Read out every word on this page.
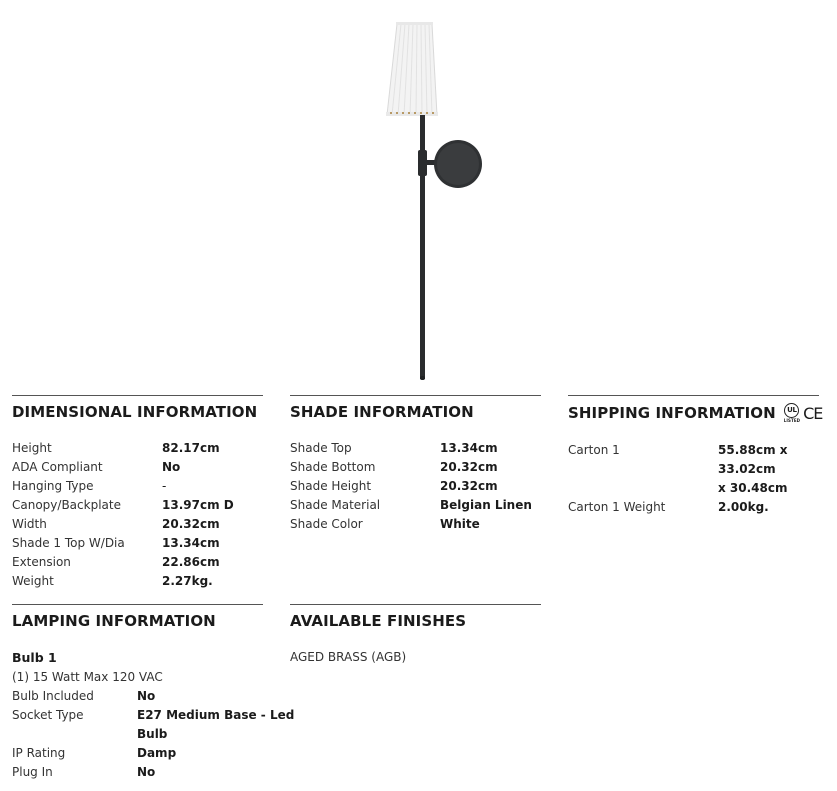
DIMENSIONAL INFORMATION
Height	82.17cm
ADA Compliant	No
Hanging Type	-
Canopy/Backplate	13.97cm D
Width	20.32cm
Shade 1 Top W/Dia	13.34cm
Extension	22.86cm
Weight	2.27kg.
SHADE INFORMATION
Shade Top	13.34cm
Shade Bottom	20.32cm
Shade Height	20.32cm
Shade Material	Belgian Linen
Shade Color	White
SHIPPING INFORMATION	UL
LISTED CE
Carton 1	55.88cm x 33.02cm
x 30.48cm
Carton 1 Weight	2.00kg.
LAMPING INFORMATION
Bulb 1
(1) 15 Watt Max 120 VAC
Bulb Included	No
Socket Type	E27 Medium Base - Led
Bulb
IP Rating	Damp
Plug In	No
AVAILABLE FINISHES
AGED BRASS (AGB)
